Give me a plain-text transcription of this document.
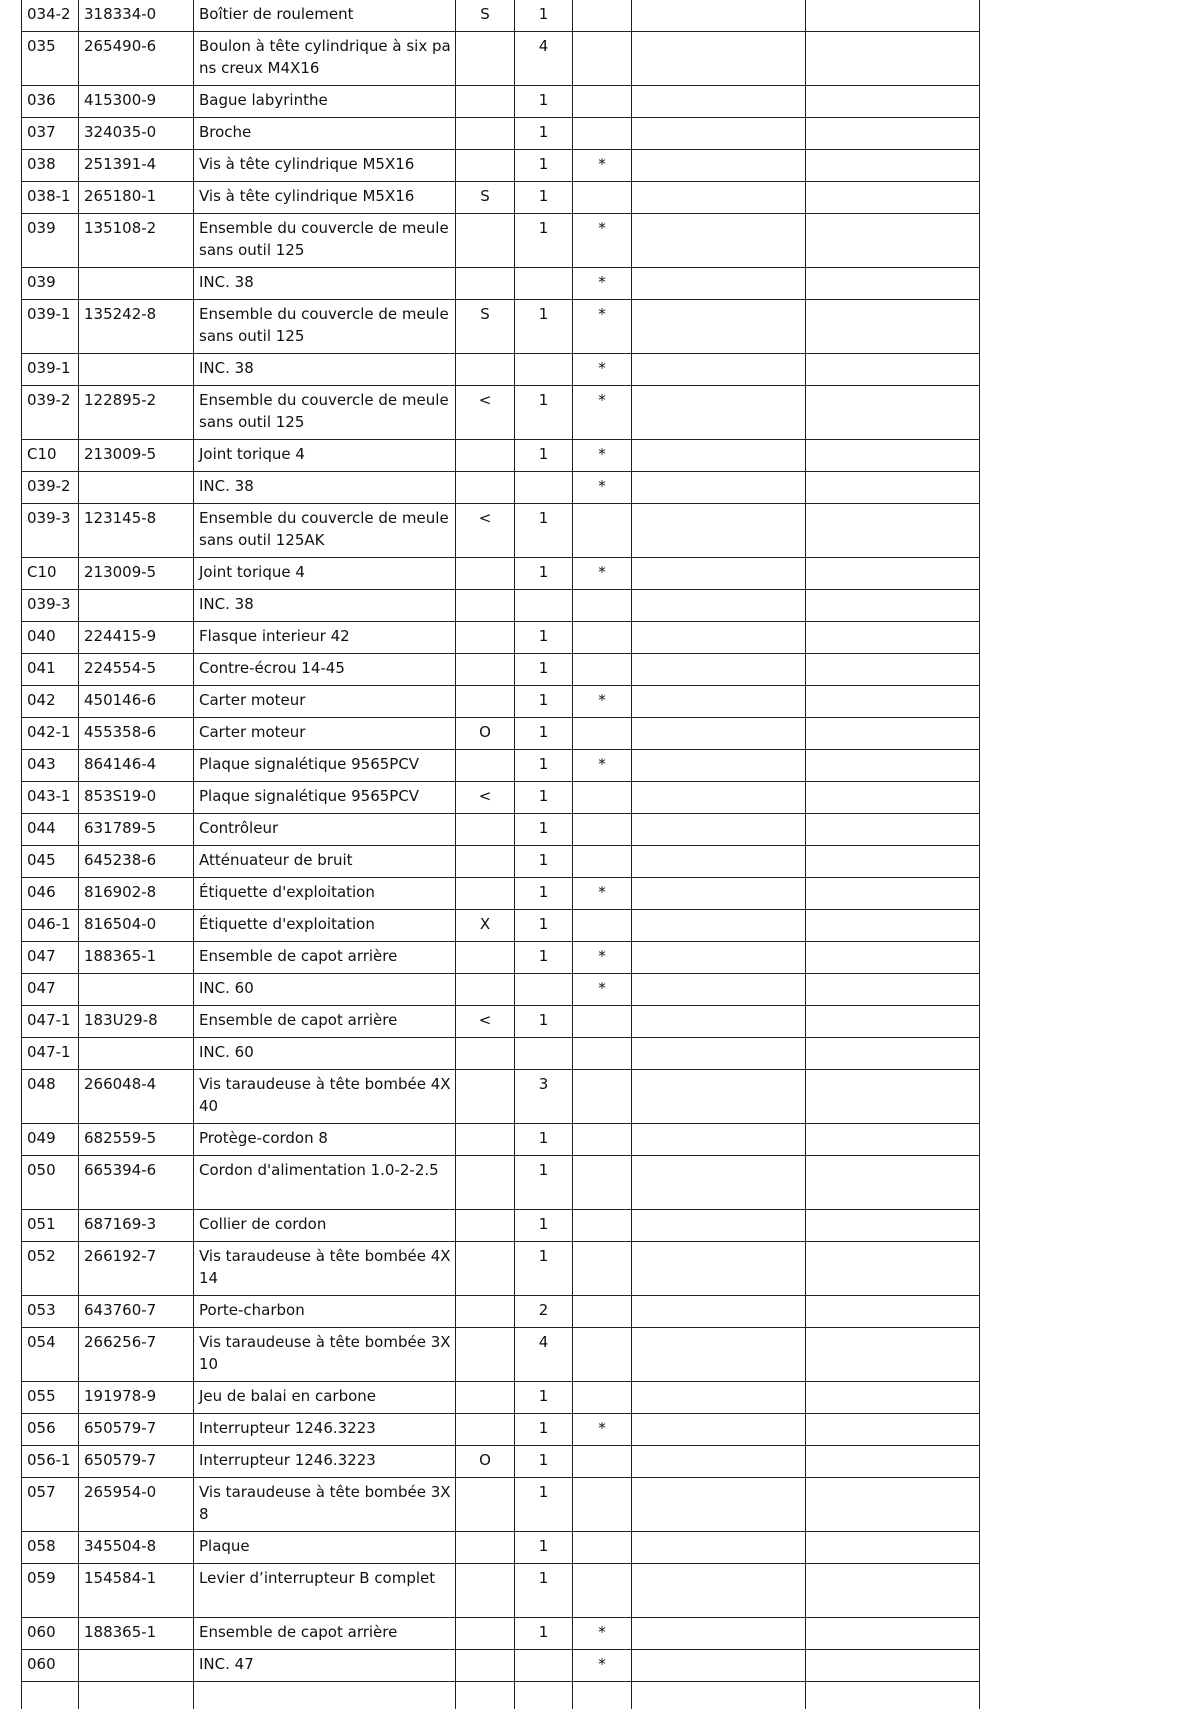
034-2	318334-0	Boîtier de roulement	S	1			
035	265490-6	Boulon à tête cylindrique à six pans creux M4X16		4			
036	415300-9	Bague labyrinthe		1			
037	324035-0	Broche		1			
038	251391-4	Vis à tête cylindrique M5X16		1	*		
038-1	265180-1	Vis à tête cylindrique M5X16	S	1			
039	135108-2	Ensemble du couvercle de meule sans outil 125		1	*		
039		INC. 38			*		
039-1	135242-8	Ensemble du couvercle de meule sans outil 125	S	1	*		
039-1		INC. 38			*		
039-2	122895-2	Ensemble du couvercle de meule sans outil 125	<	1	*		
C10	213009-5	Joint torique 4		1	*		
039-2		INC. 38			*		
039-3	123145-8	Ensemble du couvercle de meule sans outil 125AK	<	1			
C10	213009-5	Joint torique 4		1	*		
039-3		INC. 38					
040	224415-9	Flasque interieur 42		1			
041	224554-5	Contre-écrou 14-45		1			
042	450146-6	Carter moteur		1	*		
042-1	455358-6	Carter moteur	O	1			
043	864146-4	Plaque signalétique 9565PCV		1	*		
043-1	853S19-0	Plaque signalétique 9565PCV	<	1			
044	631789-5	Contrôleur		1			
045	645238-6	Atténuateur de bruit		1			
046	816902-8	Étiquette d'exploitation		1	*		
046-1	816504-0	Étiquette d'exploitation	X	1			
047	188365-1	Ensemble de capot arrière		1	*		
047		INC. 60			*		
047-1	183U29-8	Ensemble de capot arrière	<	1			
047-1		INC. 60					
048	266048-4	Vis taraudeuse à tête bombée 4X40		3			
049	682559-5	Protège-cordon 8		1			
050	665394-6	Cordon d'alimentation 1.0-2-2.5		1			
051	687169-3	Collier de cordon		1			
052	266192-7	Vis taraudeuse à tête bombée 4X14		1			
053	643760-7	Porte-charbon		2			
054	266256-7	Vis taraudeuse à tête bombée 3X10		4			
055	191978-9	Jeu de balai en carbone		1			
056	650579-7	Interrupteur 1246.3223		1	*		
056-1	650579-7	Interrupteur 1246.3223	O	1			
057	265954-0	Vis taraudeuse à tête bombée 3X8		1			
058	345504-8	Plaque		1			
059	154584-1	Levier d’interrupteur B complet		1			
060	188365-1	Ensemble de capot arrière		1	*		
060		INC. 47			*		
